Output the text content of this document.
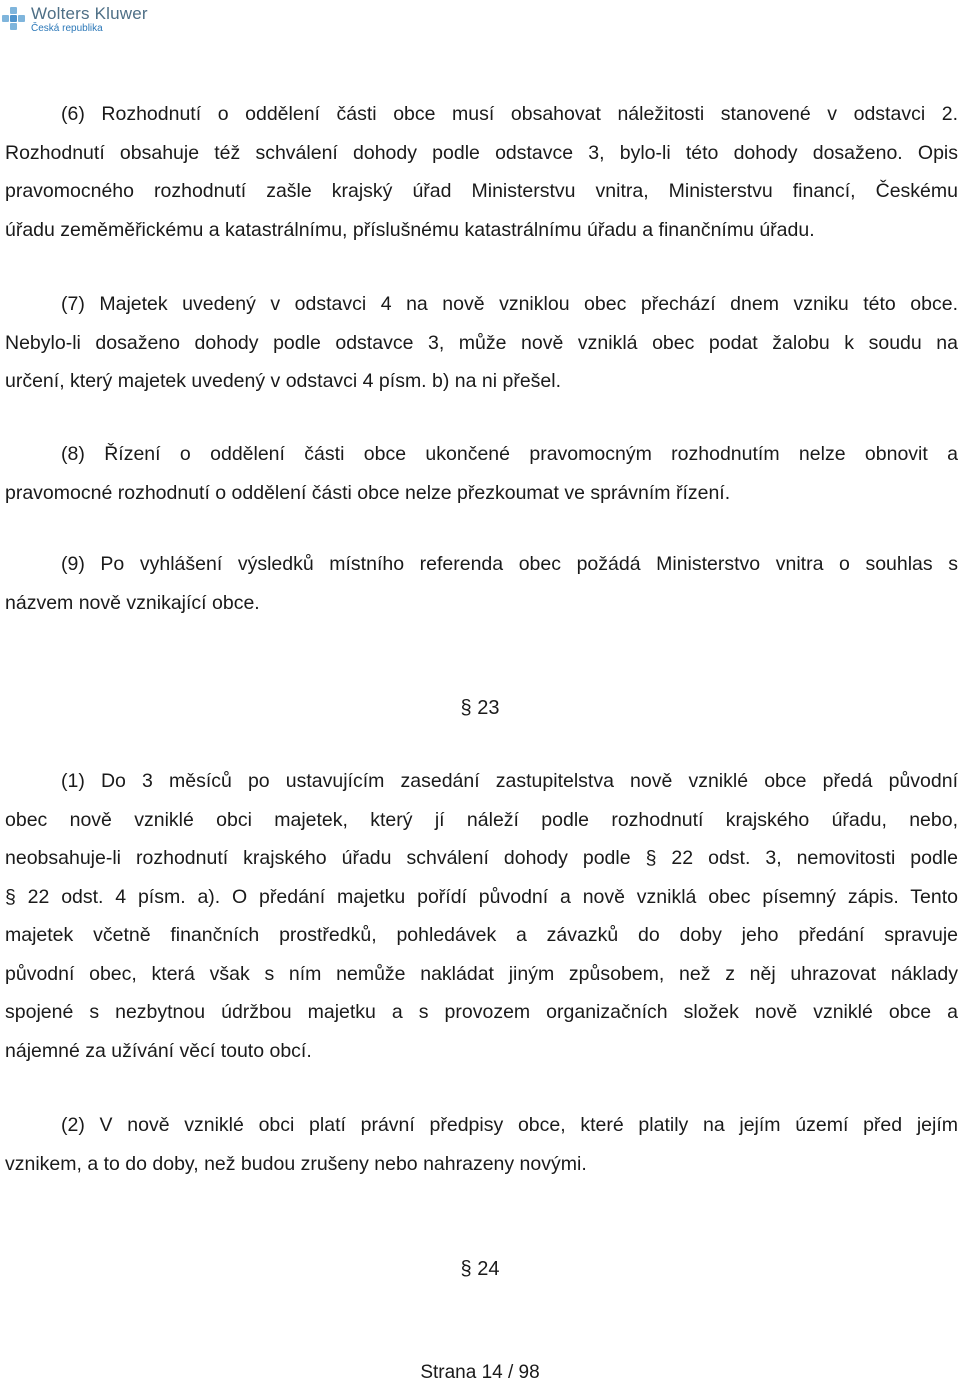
Wolters Kluwer
Česká republika

(6) Rozhodnutí o oddělení části obce musí obsahovat náležitosti stanovené v odstavci 2.
Rozhodnutí obsahuje též schválení dohody podle odstavce 3, bylo-li této dohody dosaženo. Opis
pravomocného rozhodnutí zašle krajský úřad Ministerstvu vnitra, Ministerstvu financí, Českému
úřadu zeměměřickému a katastrálnímu, příslušnému katastrálnímu úřadu a finančnímu úřadu.

(7) Majetek uvedený v odstavci 4 na nově vzniklou obec přechází dnem vzniku této obce.
Nebylo-li dosaženo dohody podle odstavce 3, může nově vzniklá obec podat žalobu k soudu na
určení, který majetek uvedený v odstavci 4 písm. b) na ni přešel.

(8) Řízení o oddělení části obce ukončené pravomocným rozhodnutím nelze obnovit a
pravomocné rozhodnutí o oddělení části obce nelze přezkoumat ve správním řízení.

(9) Po vyhlášení výsledků místního referenda obec požádá Ministerstvo vnitra o souhlas s
názvem nově vznikající obce.

§ 23

(1) Do 3 měsíců po ustavujícím zasedání zastupitelstva nově vzniklé obce předá původní
obec nově vzniklé obci majetek, který jí náleží podle rozhodnutí krajského úřadu, nebo,
neobsahuje-li rozhodnutí krajského úřadu schválení dohody podle § 22 odst. 3, nemovitosti podle
§ 22 odst. 4 písm. a). O předání majetku pořídí původní a nově vzniklá obec písemný zápis. Tento
majetek včetně finančních prostředků, pohledávek a závazků do doby jeho předání spravuje
původní obec, která však s ním nemůže nakládat jiným způsobem, než z něj uhrazovat náklady
spojené s nezbytnou údržbou majetku a s provozem organizačních složek nově vzniklé obce a
nájemné za užívání věcí touto obcí.

(2) V nově vzniklé obci platí právní předpisy obce, které platily na jejím území před jejím
vznikem, a to do doby, než budou zrušeny nebo nahrazeny novými.

§ 24

Strana 14 / 98
